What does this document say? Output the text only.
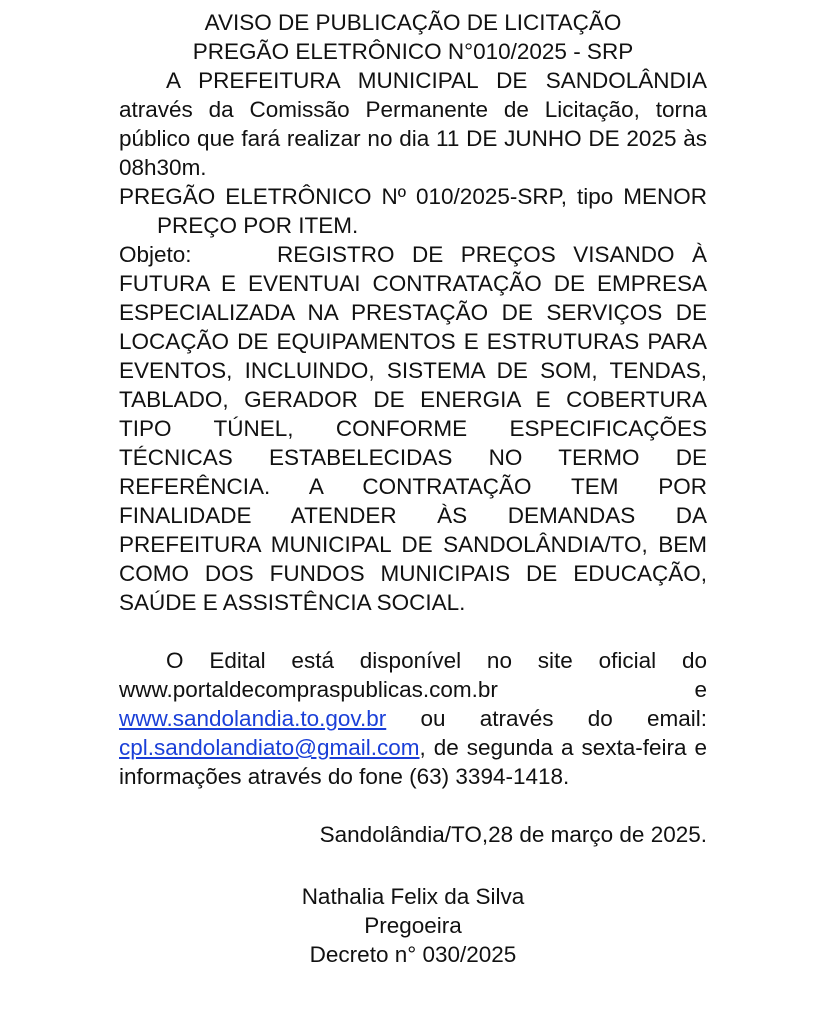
AVISO DE PUBLICAÇÃO DE LICITAÇÃO

PREGÃO ELETRÔNICO N°010/2025 - SRP

A PREFEITURA MUNICIPAL DE SANDOLÂNDIA através da Comissão Permanente de Licitação, torna público que fará realizar no dia 11 DE JUNHO DE 2025 às 08h30m.

PREGÃO ELETRÔNICO Nº 010/2025-SRP, tipo MENOR PREÇO POR ITEM.

Objeto:	REGISTRO DE PREÇOS VISANDO À FUTURA E EVENTUAI CONTRATAÇÃO DE EMPRESA ESPECIALIZADA NA PRESTAÇÃO DE SERVIÇOS DE LOCAÇÃO DE EQUIPAMENTOS E ESTRUTURAS PARA EVENTOS, INCLUINDO, SISTEMA DE SOM, TENDAS, TABLADO, GERADOR DE ENERGIA E COBERTURA TIPO TÚNEL, CONFORME ESPECIFICAÇÕES TÉCNICAS ESTABELECIDAS NO TERMO DE REFERÊNCIA. A CONTRATAÇÃO TEM POR FINALIDADE ATENDER ÀS DEMANDAS DA PREFEITURA MUNICIPAL DE SANDOLÂNDIA/TO, BEM COMO DOS FUNDOS MUNICIPAIS DE EDUCAÇÃO, SAÚDE E ASSISTÊNCIA SOCIAL.

O Edital está disponível no site oficial do www.portaldecompraspublicas.com.br	e www.sandolandia.to.gov.br ou através do email: cpl.sandolandiato@gmail.com, de segunda a sexta-feira e informações através do fone (63) 3394-1418.

Sandolândia/TO,28 de março de 2025.

Nathalia Felix da Silva

Pregoeira

Decreto n° 030/2025
